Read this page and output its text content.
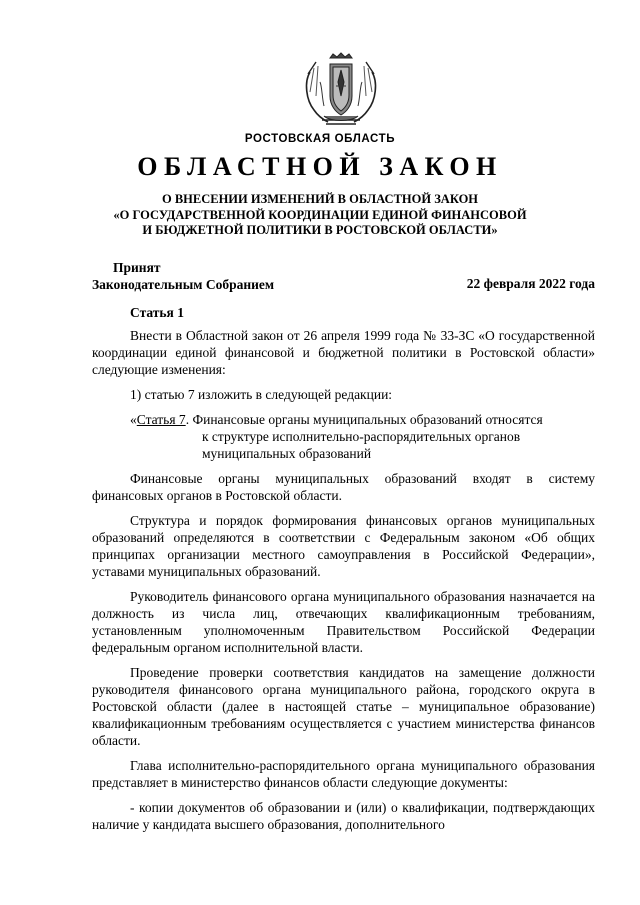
РОСТОВСКАЯ ОБЛАСТЬ
ОБЛАСТНОЙ ЗАКОН
О ВНЕСЕНИИ ИЗМЕНЕНИЙ В ОБЛАСТНОЙ ЗАКОН
«О ГОСУДАРСТВЕННОЙ КООРДИНАЦИИ ЕДИНОЙ ФИНАНСОВОЙ
И БЮДЖЕТНОЙ ПОЛИТИКИ В РОСТОВСКОЙ ОБЛАСТИ»
Принят
Законодательным Собранием	22 февраля 2022 года
Статья 1

Внести в Областной закон от 26 апреля 1999 года № 33-ЗС «О государственной координации единой финансовой и бюджетной политики в Ростовской области» следующие изменения:

1) статью 7 изложить в следующей редакции:

«Статья 7 . Финансовые органы муниципальных образований относятся
к структуре исполнительно-распорядительных органов
муниципальных образований

Финансовые органы муниципальных образований входят в систему финансовых органов в Ростовской области.

Структура и порядок формирования финансовых органов муниципальных образований определяются в соответствии с Федеральным законом «Об общих принципах организации местного самоуправления в Российской Федерации», уставами муниципальных образований.

Руководитель финансового органа муниципального образования назначается на должность из числа лиц, отвечающих квалификационным требованиям, установленным уполномоченным Правительством Российской Федерации федеральным органом исполнительной власти.

Проведение проверки соответствия кандидатов на замещение должности руководителя финансового органа муниципального района, городского округа в Ростовской области (далее в настоящей статье – муниципальное образование) квалификационным требованиям осуществляется с участием министерства финансов области.

Глава исполнительно-распорядительного органа муниципального образования представляет в министерство финансов области следующие документы:

- копии документов об образовании и (или) о квалификации, подтверждающих наличие у кандидата высшего образования, дополнительного
